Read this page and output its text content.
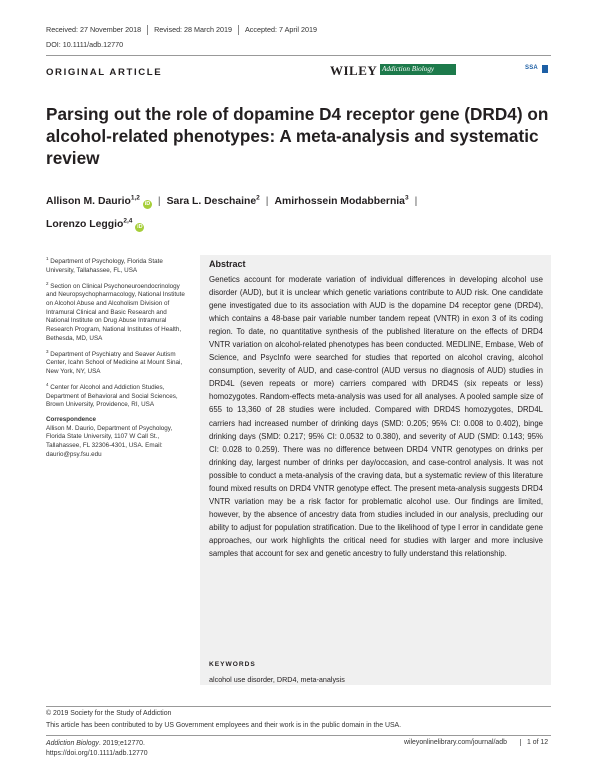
Received: 27 November 2018	Revised: 28 March 2019	Accepted: 7 April 2019
DOI: 10.1111/adb.12770
ORIGINAL ARTICLE	WILEY Addiction Biology	SSA
Parsing out the role of dopamine D4 receptor gene (DRD4) on alcohol-related phenotypes: A meta-analysis and systematic review
Allison M. Daurio$^{1,2}$iD | Sara L. Deschaine$^2$ | Amirhossein Modabbernia$^3$ |
Lorenzo Leggio$^{2,4}$iD
$^1$ Department of Psychology, Florida State University, Tallahassee, FL, USA
$^2$ Section on Clinical Psychoneuroendocrinology and Neuropsychopharmacology, National Institute on Alcohol Abuse and Alcoholism Division of Intramural Clinical and Basic Research and National Institute on Drug Abuse Intramural Research Program, National Institutes of Health, Bethesda, MD, USA
$^3$ Department of Psychiatry and Seaver Autism Center, Icahn School of Medicine at Mount Sinai, New York, NY, USA
$^4$ Center for Alcohol and Addiction Studies, Department of Behavioral and Social Sciences, Brown University, Providence, RI, USA
Correspondence
Allison M. Daurio, Department of Psychology, Florida State University, 1107 W Call St., Tallahassee, FL 32306-4301, USA. Email: daurio@psy.fsu.edu
Abstract

Genetics account for moderate variation of individual differences in developing alcohol use disorder (AUD), but it is unclear which genetic variations contribute to AUD risk. One candidate gene investigated due to its association with AUD is the dopamine D4 receptor gene (DRD4), which contains a 48-base pair variable number tandem repeat (VNTR) in exon 3 of its coding region. To date, no quantitative synthesis of the published literature on the effects of DRD4 VNTR variation on alcohol-related phenotypes has been conducted. MEDLINE, Embase, Web of Science, and PsycInfo were searched for studies that reported on alcohol craving, alcohol consumption, severity of AUD, and case-control (AUD versus no diagnosis of AUD) studies in DRD4L (seven repeats or more) carriers compared with DRD4S (six repeats or less) homozygotes. Random-effects meta-analysis was used for all analyses. A pooled sample size of 655 to 13,360 of 28 studies were included. Compared with DRD4S homozygotes, DRD4L carriers had increased number of drinking days (SMD: 0.205; 95% CI: 0.008 to 0.402), binge drinking days (SMD: 0.217; 95% CI: 0.0532 to 0.380), and severity of AUD (SMD: 0.143; 95% CI: 0.028 to 0.259). There was no difference between DRD4 VNTR genotypes on drinks per drinking day, largest number of drinks per day/occasion, and case-control analysis. It was not possible to conduct a meta-analysis of the craving data, but a systematic review of this literature found mixed results on DRD4 VNTR genotype effect. The present meta-analysis suggests DRD4 VNTR variation may be a risk factor for problematic alcohol use. Our findings are limited, however, by the absence of ancestry data from studies included in our analysis, precluding our ability to adjust for population stratification. Due to the likelihood of type I error in candidate gene approaches, our work highlights the critical need for studies with larger and more inclusive samples that account for sex and genetic ancestry to fully understand this relationship.

KEYWORDS
alcohol use disorder, DRD4, meta-analysis
© 2019 Society for the Study of Addiction
This article has been contributed to by US Government employees and their work is in the public domain in the USA.
Addiction Biology. 2019;e12770.
https://doi.org/10.1111/adb.12770
wileyonlinelibrary.com/journal/adb	1 of 12
